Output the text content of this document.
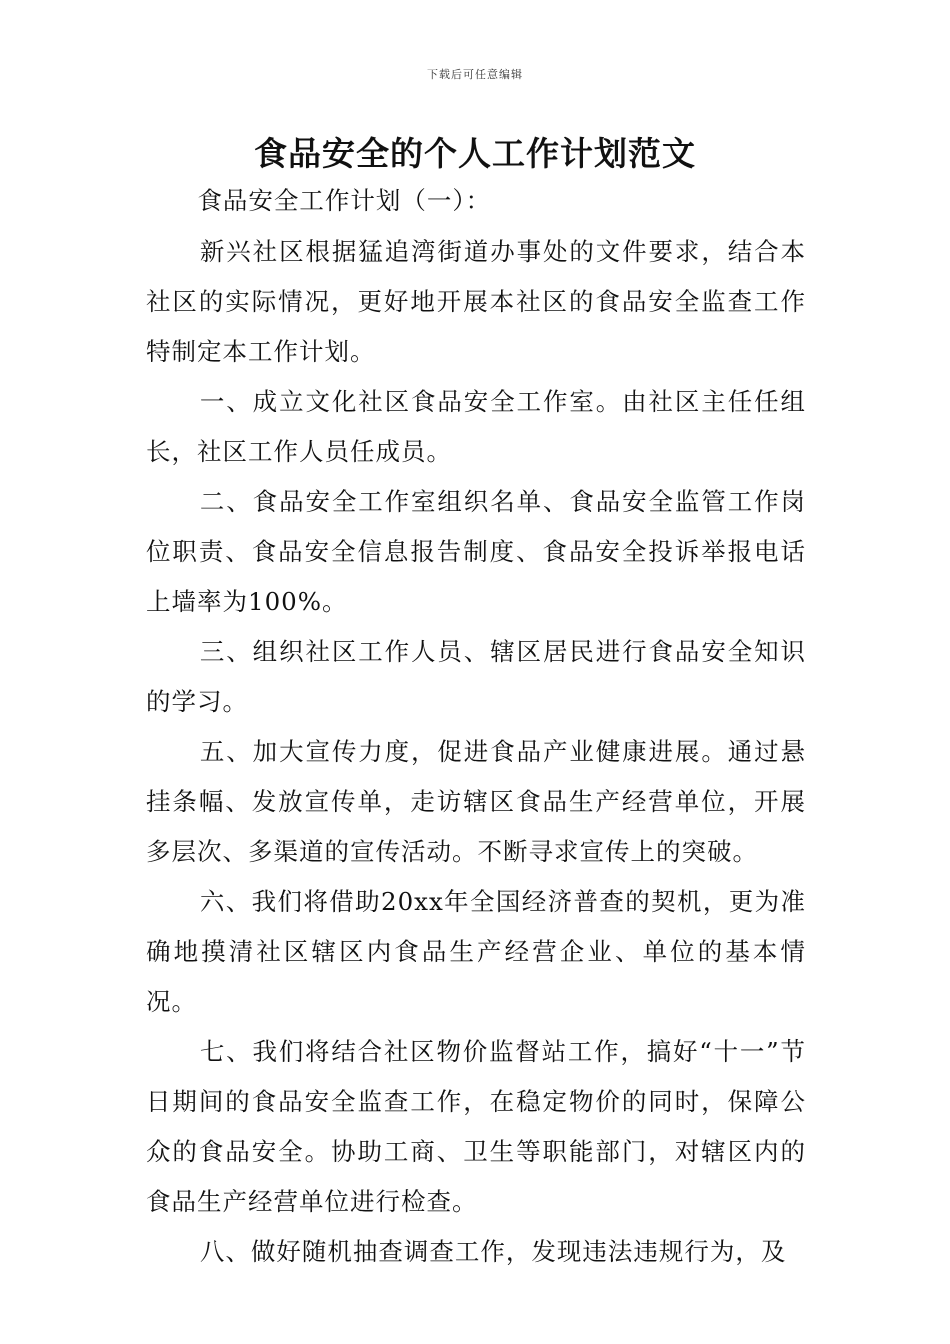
下载后可任意编辑
食品安全的个人工作计划范文

食品安全工作计划（一）：

新兴社区根据猛追湾街道办事处的文件要求，结合本社区的实际情况，更好地开展本社区的食品安全监查工作特制定本工作计划。

一、成立文化社区食品安全工作室。由社区主任任组长，社区工作人员任成员。

二、食品安全工作室组织名单、食品安全监管工作岗位职责、食品安全信息报告制度、食品安全投诉举报电话上墙率为100%。

三、组织社区工作人员、辖区居民进行食品安全知识的学习。

五、加大宣传力度，促进食品产业健康进展。通过悬挂条幅、发放宣传单，走访辖区食品生产经营单位，开展多层次、多渠道的宣传活动。不断寻求宣传上的突破。

六、我们将借助20xx年全国经济普查的契机，更为准确地摸清社区辖区内食品生产经营企业、单位的基本情况。

七、我们将结合社区物价监督站工作，搞好“十一”节日期间的食品安全监查工作，在稳定物价的同时，保障公众的食品安全。协助工商、卫生等职能部门，对辖区内的食品生产经营单位进行检查。

八、做好随机抽查调查工作，发现违法违规行为，及
